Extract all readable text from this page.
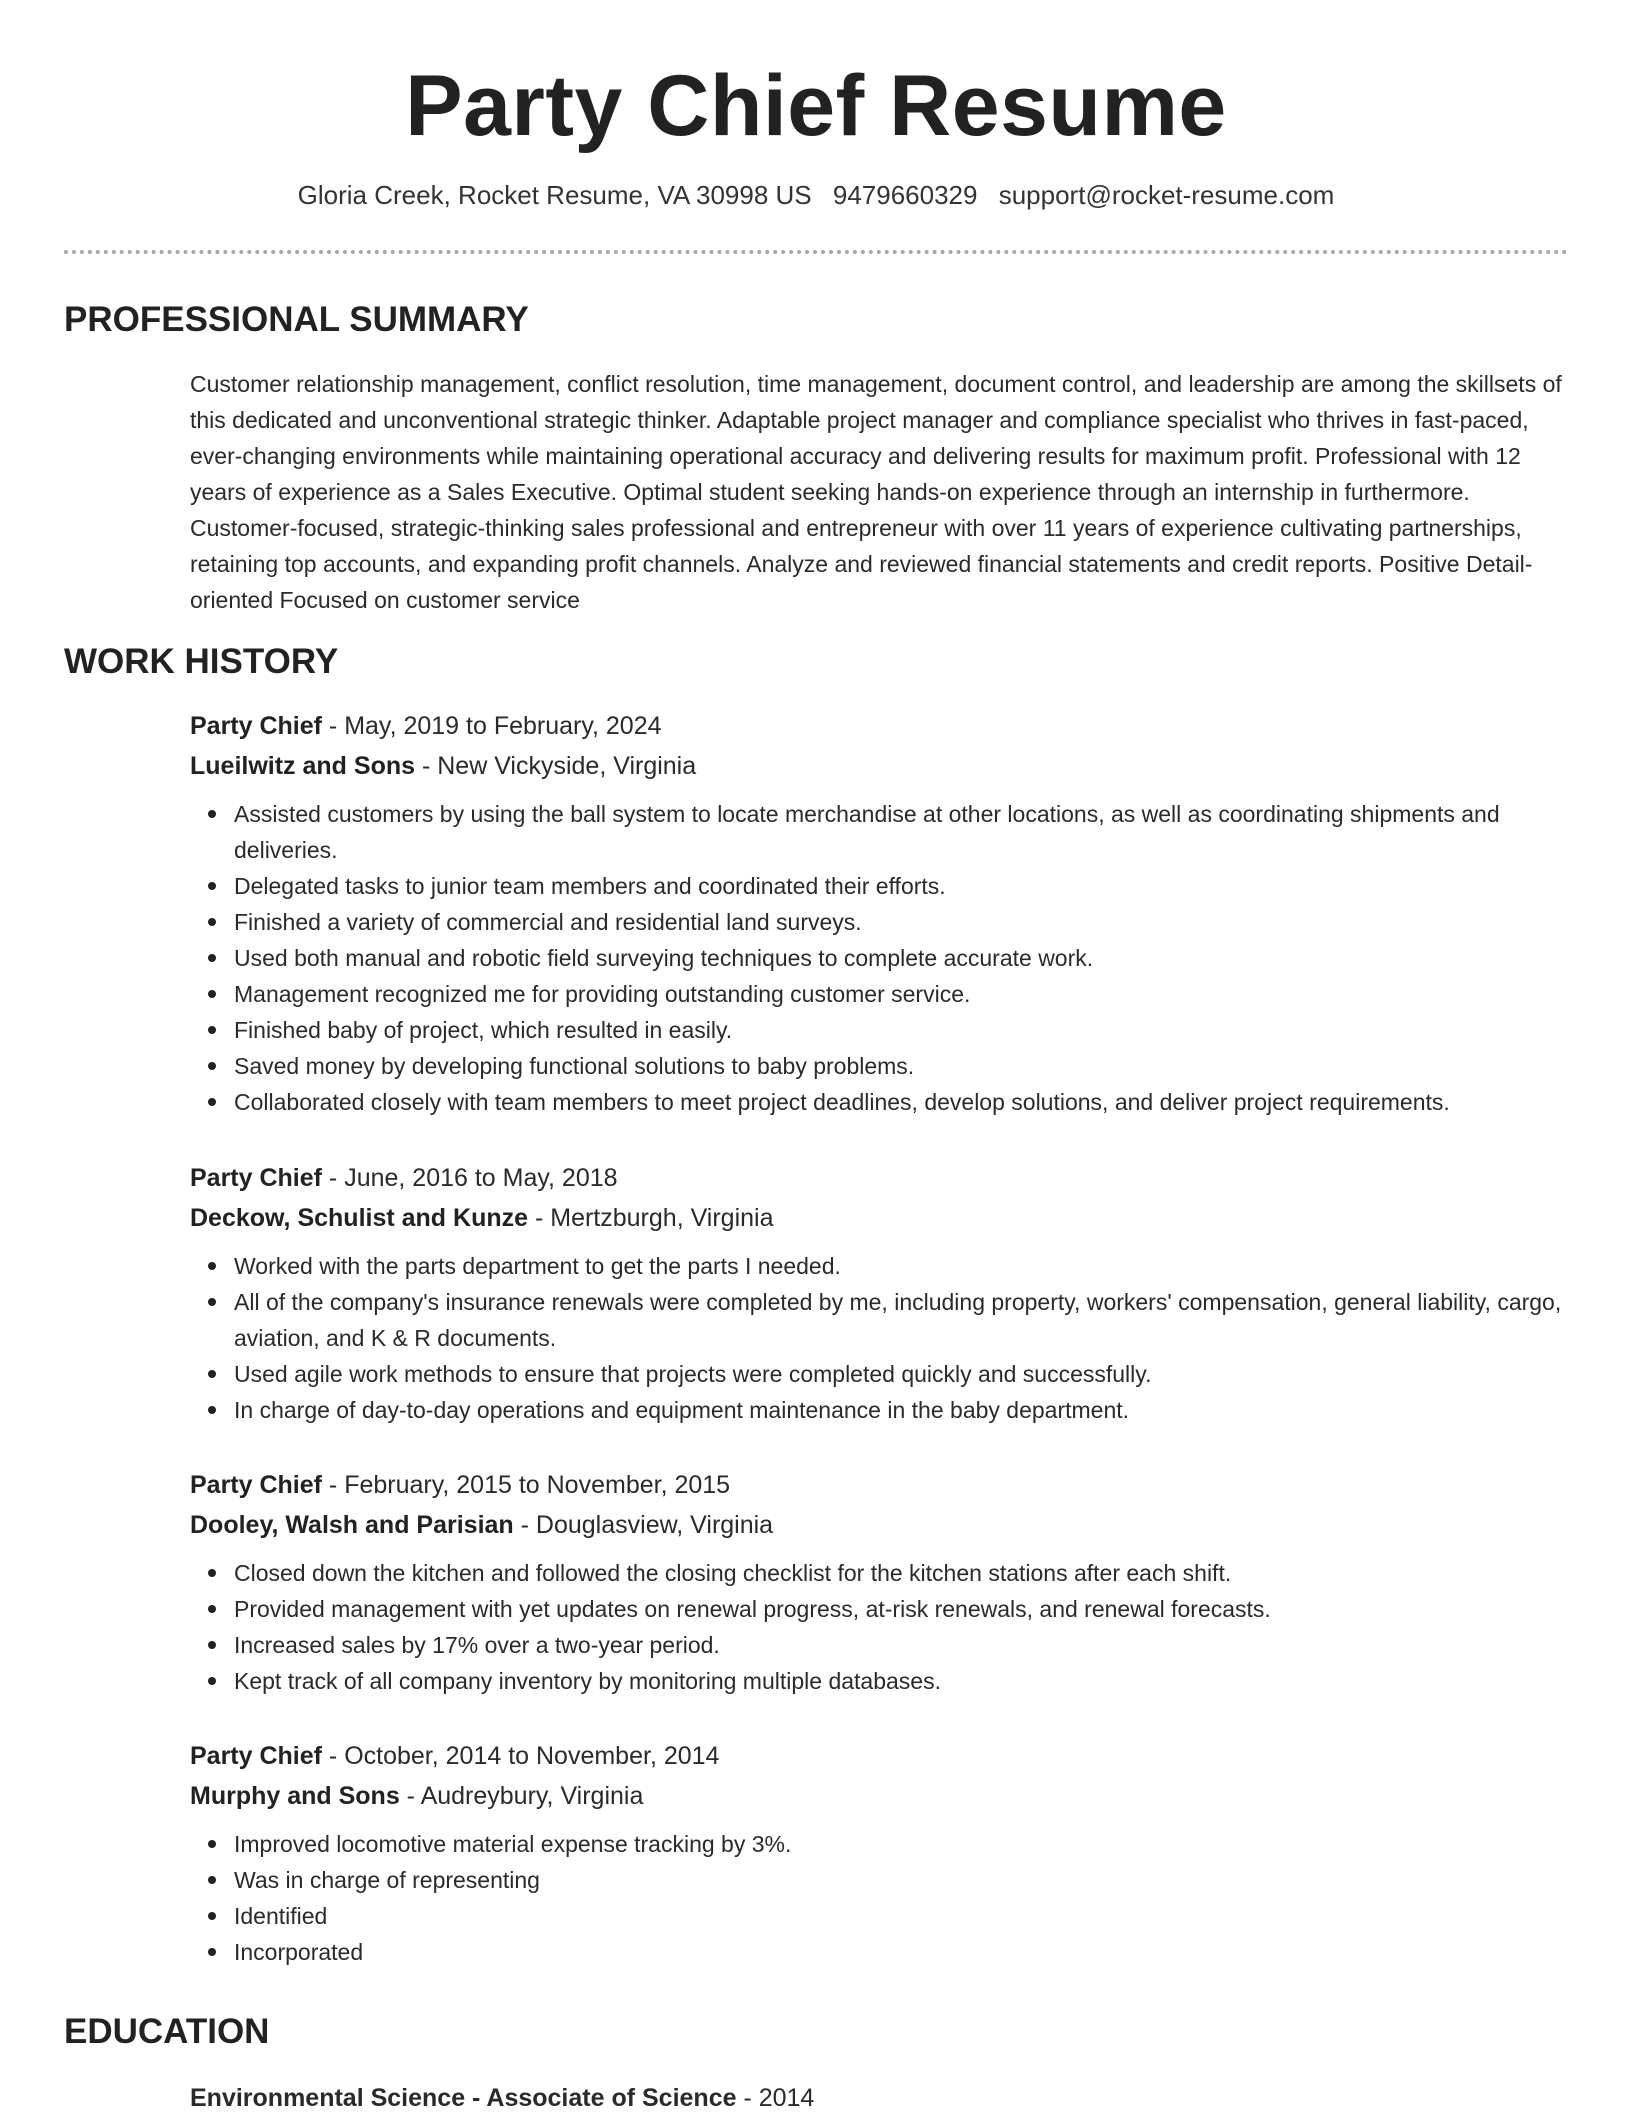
Party Chief Resume
Gloria Creek, Rocket Resume, VA 30998 US 9479660329 support@rocket-resume.com
PROFESSIONAL SUMMARY

Customer relationship management, conflict resolution, time management, document control, and leadership are among the skillsets of this dedicated and unconventional strategic thinker. Adaptable project manager and compliance specialist who thrives in fast-paced, ever-changing environments while maintaining operational accuracy and delivering results for maximum profit. Professional with 12 years of experience as a Sales Executive. Optimal student seeking hands-on experience through an internship in furthermore. Customer-focused, strategic-thinking sales professional and entrepreneur with over 11 years of experience cultivating partnerships, retaining top accounts, and expanding profit channels. Analyze and reviewed financial statements and credit reports. Positive Detail-oriented Focused on customer service

WORK HISTORY

Party Chief - May, 2019 to February, 2024

Lueilwitz and Sons - New Vickyside, Virginia

Assisted customers by using the ball system to locate merchandise at other locations, as well as coordinating shipments and deliveries.
Delegated tasks to junior team members and coordinated their efforts.
Finished a variety of commercial and residential land surveys.
Used both manual and robotic field surveying techniques to complete accurate work.
Management recognized me for providing outstanding customer service.
Finished baby of project, which resulted in easily.
Saved money by developing functional solutions to baby problems.
Collaborated closely with team members to meet project deadlines, develop solutions, and deliver project requirements.

Party Chief - June, 2016 to May, 2018

Deckow, Schulist and Kunze - Mertzburgh, Virginia

Worked with the parts department to get the parts I needed.
All of the company's insurance renewals were completed by me, including property, workers' compensation, general liability, cargo, aviation, and K & R documents.
Used agile work methods to ensure that projects were completed quickly and successfully.
In charge of day-to-day operations and equipment maintenance in the baby department.

Party Chief - February, 2015 to November, 2015

Dooley, Walsh and Parisian - Douglasview, Virginia

Closed down the kitchen and followed the closing checklist for the kitchen stations after each shift.
Provided management with yet updates on renewal progress, at-risk renewals, and renewal forecasts.
Increased sales by 17% over a two-year period.
Kept track of all company inventory by monitoring multiple databases.

Party Chief - October, 2014 to November, 2014

Murphy and Sons - Audreybury, Virginia

Improved locomotive material expense tracking by 3%.
Was in charge of representing
Identified
Incorporated
EDUCATION

Environmental Science - Associate of Science - 2014
